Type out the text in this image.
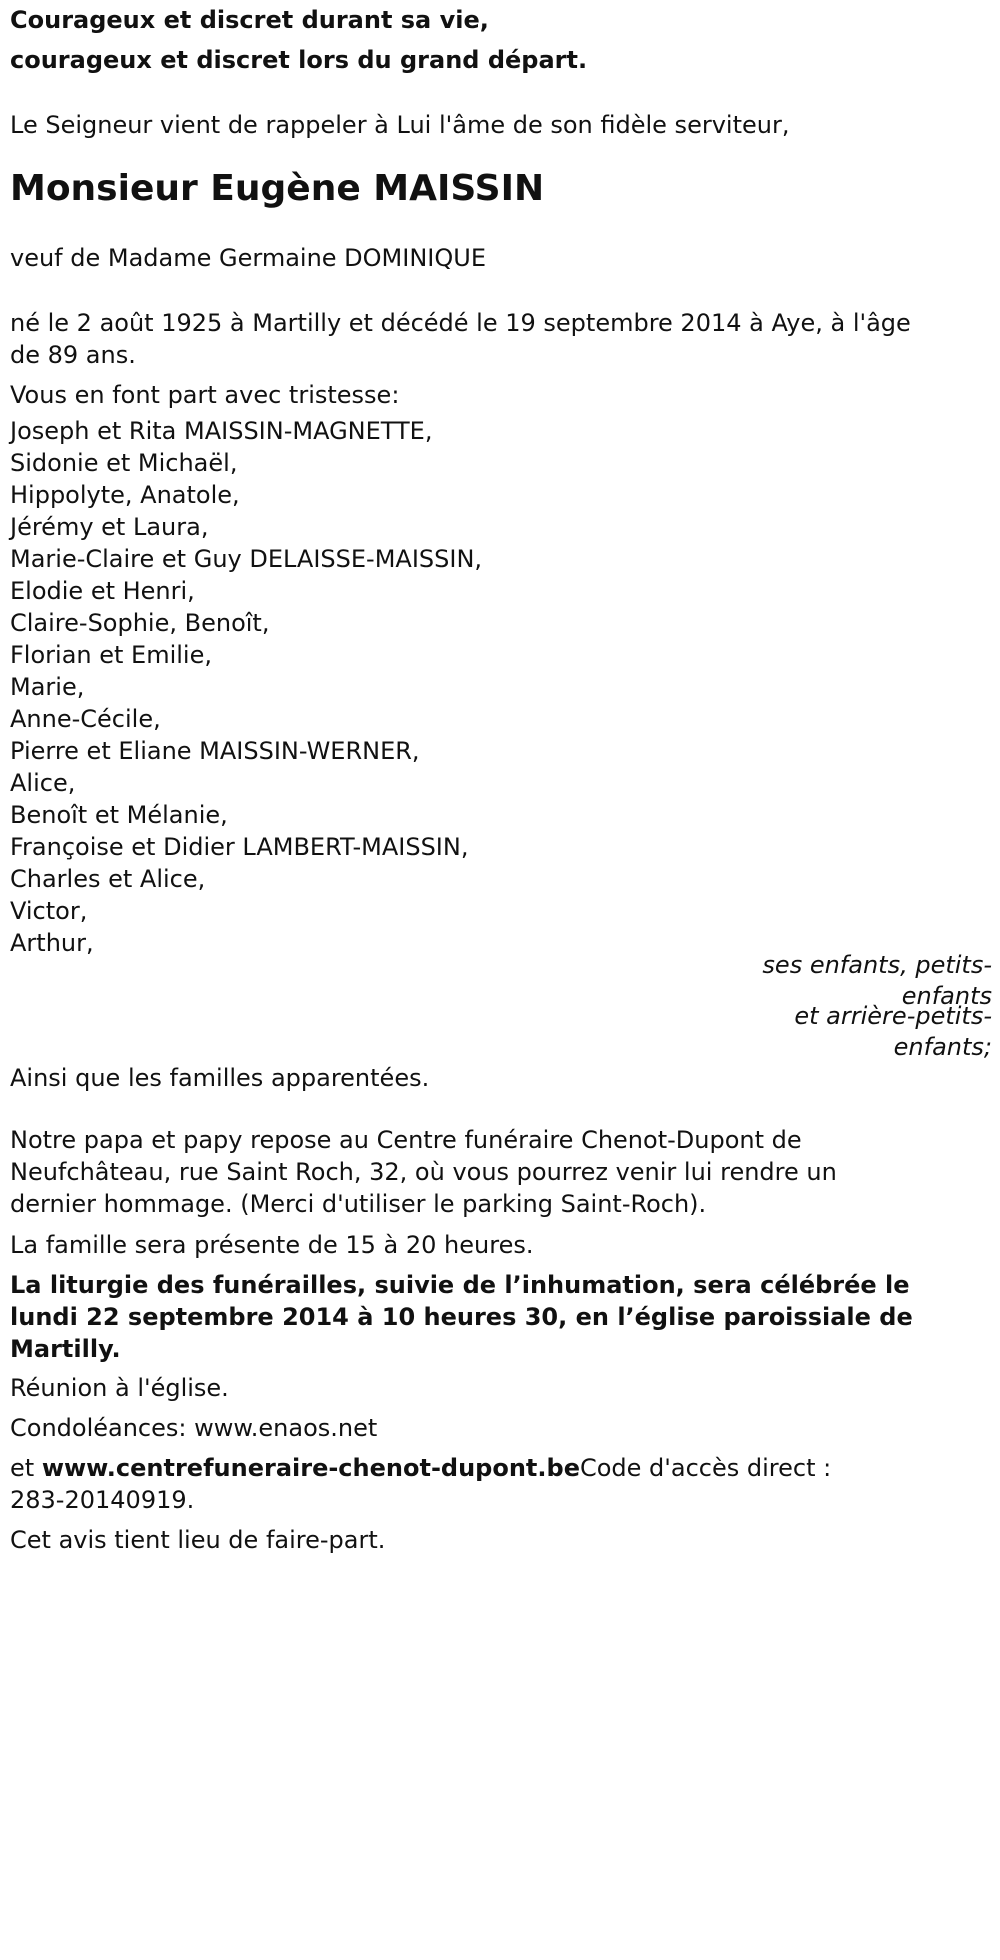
Courageux et discret durant sa vie,
courageux et discret lors du grand départ.
Le Seigneur vient de rappeler à Lui l'âme de son fidèle serviteur,
Monsieur Eugène MAISSIN
veuf de Madame Germaine DOMINIQUE
né le 2 août 1925 à Martilly et décédé le 19 septembre 2014 à Aye, à l'âge
de 89 ans.
Vous en font part avec tristesse:
Joseph et Rita MAISSIN-MAGNETTE,
Sidonie et Michaël,
Hippolyte, Anatole,
Jérémy et Laura,
Marie-Claire et Guy DELAISSE-MAISSIN,
Elodie et Henri,
Claire-Sophie, Benoît,
Florian et Emilie,
Marie,
Anne-Cécile,
Pierre et Eliane MAISSIN-WERNER,
Alice,
Benoît et Mélanie,
Françoise et Didier LAMBERT-MAISSIN,
Charles et Alice,
Victor,
Arthur,
ses enfants, petits-
enfants
et arrière-petits-
enfants;
Ainsi que les familles apparentées.
Notre papa et papy repose au Centre funéraire Chenot-Dupont de
Neufchâteau, rue Saint Roch, 32, où vous pourrez venir lui rendre un
dernier hommage. (Merci d'utiliser le parking Saint-Roch).
La famille sera présente de 15 à 20 heures.
La liturgie des funérailles, suivie de l’inhumation, sera célébrée le
lundi 22 septembre 2014 à 10 heures 30, en l’église paroissiale de
Martilly.
Réunion à l'église.
Condoléances: www.enaos.net
et www.centrefuneraire-chenot-dupont.beCode d'accès direct :
283-20140919.
Cet avis tient lieu de faire-part.
